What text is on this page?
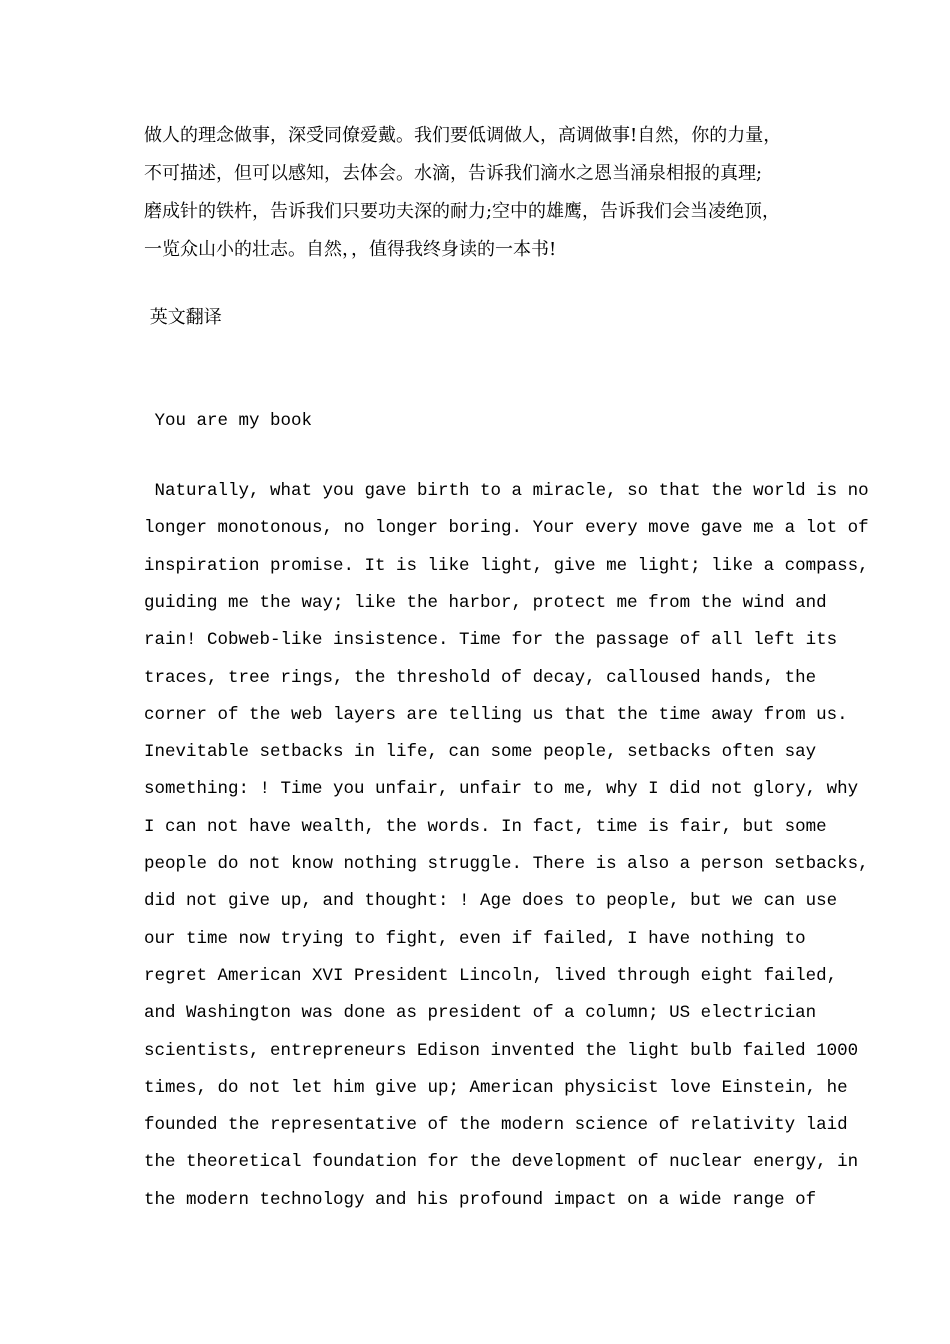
做人的理念做事，深受同僚爱戴。我们要低调做人，高调做事!自然，你的力量，
不可描述，但可以感知，去体会。水滴，告诉我们滴水之恩当涌泉相报的真理;
磨成针的铁杵，告诉我们只要功夫深的耐力;空中的雄鹰，告诉我们会当凌绝顶，
一览众山小的壮志。自然，，值得我终身读的一本书!
英文翻译
You are my book
Naturally, what you gave birth to a miracle, so that the world is no
longer monotonous, no longer boring. Your every move gave me a lot of
inspiration promise. It is like light, give me light; like a compass,
guiding me the way; like the harbor, protect me from the wind and
rain! Cobweb-like insistence. Time for the passage of all left its
traces, tree rings, the threshold of decay, calloused hands, the
corner of the web layers are telling us that the time away from us.
Inevitable setbacks in life, can some people, setbacks often say
something: ! Time you unfair, unfair to me, why I did not glory, why
I can not have wealth, the words. In fact, time is fair, but some
people do not know nothing struggle. There is also a person setbacks,
did not give up, and thought: ! Age does to people, but we can use
our time now trying to fight, even if failed, I have nothing to
regret American XVI President Lincoln, lived through eight failed,
and Washington was done as president of a column; US electrician
scientists, entrepreneurs Edison invented the light bulb failed 1000
times, do not let him give up; American physicist love Einstein, he
founded the representative of the modern science of relativity laid
the theoretical foundation for the development of nuclear energy, in
the modern technology and his profound impact on a wide range of
